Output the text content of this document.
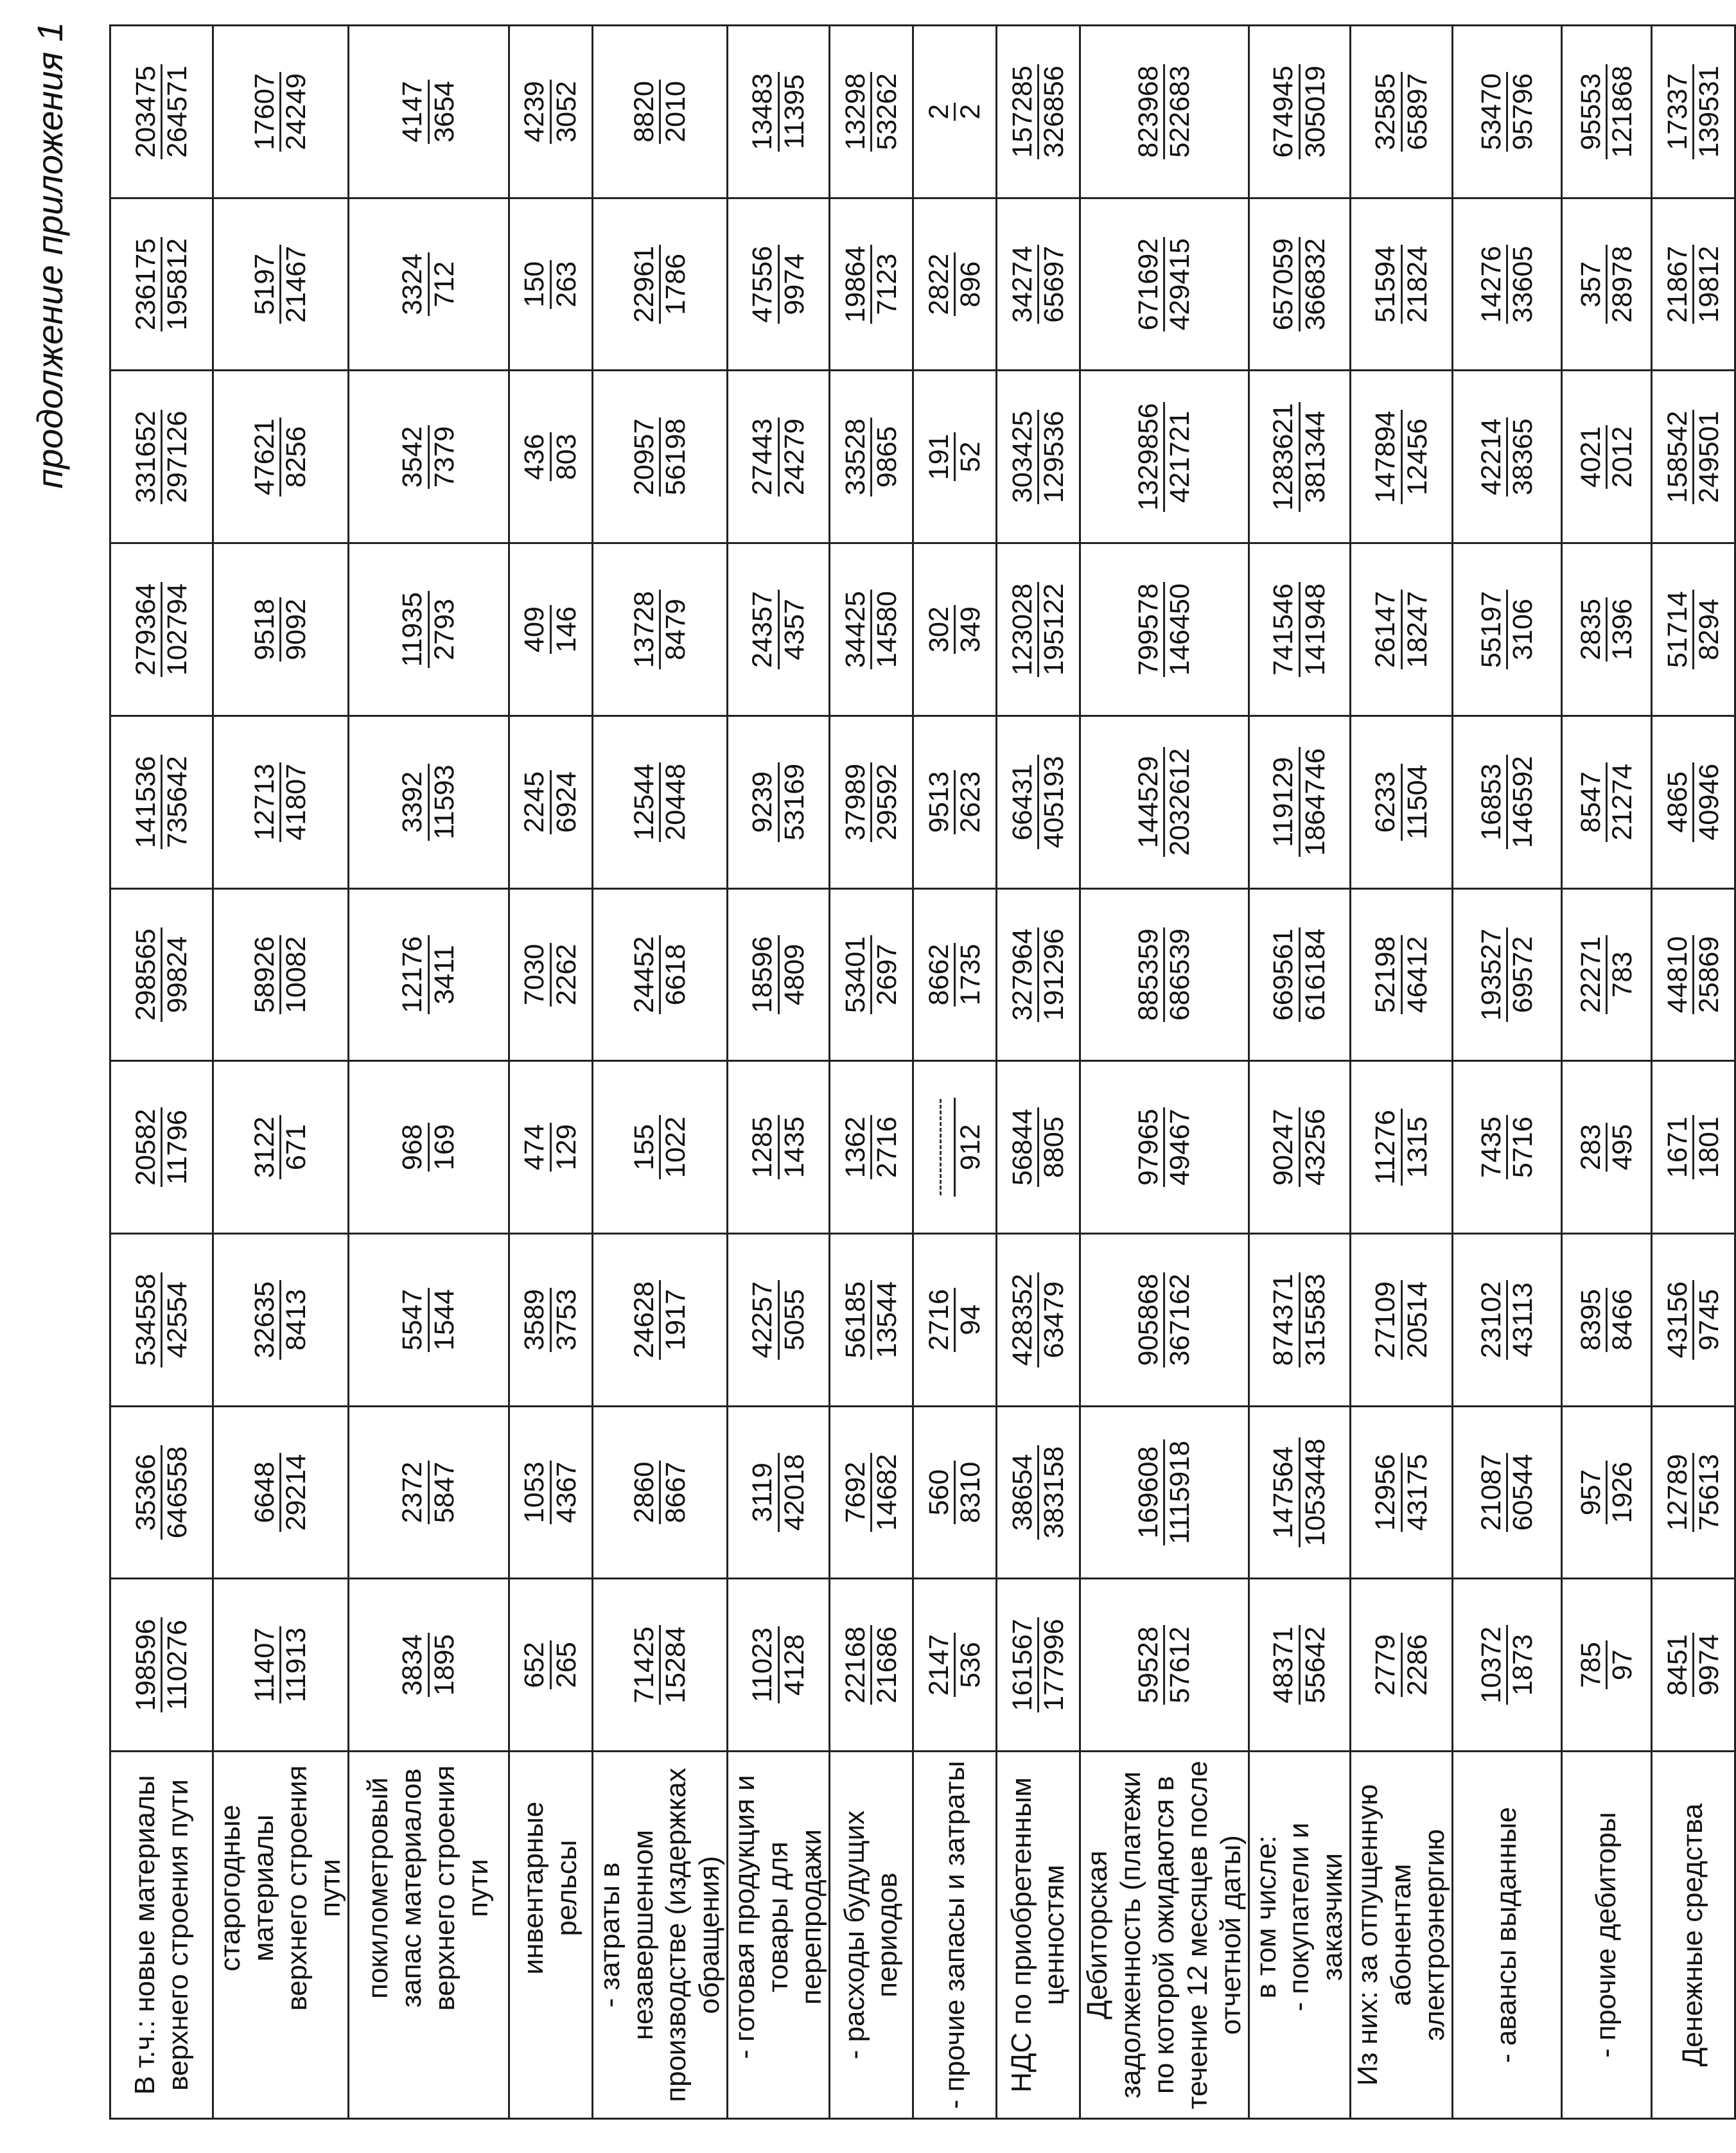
продолжение приложения 1
В т.ч.: новые материалы верхнего строения пути	198596 110276	35366 646558	534558 42554	20582 11796	298565 99824	141536 735642	279364 102794	331652 297126	236175 195812	203475 264571

старогодные материалы верхнего строения пути	11407 11913	6648 29214	32635 8413	3122 671	58926 10082	12713 41807	9518 9092	47621 8256	5197 21467	17607 24249

покилометровый запас материалов верхнего строения пути	3834 1895	2372 5847	5547 1544	968 169	12176 3411	3392 11593	11935 2793	3542 7379	3324 712	4147 3654

инвентарные рельсы	652 265	1053 4367	3589 3753	474 129	7030 2262	2245 6924	409 146	436 803	150 263	4239 3052

- затраты в незавершенном производстве (издержках обращения)	71425 15284	2860 8667	24628 1917	155 1022	24452 6618	12544 20448	13728 8479	20957 56198	22961 1786	8820 2010

- готовая продукция и товары для перепродажи	11023 4128	3119 42018	42257 5055	1285 1435	18596 4809	9239 53169	24357 4357	27443 24279	47556 9974	13483 11395

- расходы будущих периодов	22168 21686	7692 14682	56185 13544	1362 2716	53401 2697	37989 29592	34425 14580	33528 9865	19864 7123	13298 53262

- прочие запасы и затраты	2147 536	560 8310	2716 94	912	8662 1735	9513 2623	302 349	191 52	2822 896	2 2

НДС по приобретенным ценностям	161567 177996	38654 383158	428352 63479	56844 8805	327964 191296	66431 405193	123028 195122	303425 129536	34274 65697	157285 326856

Дебиторская задолженность (платежи по которой ожидаются в течение 12 месяцев после отчетной даты)	59528 57612	169608 1115918	905868 367162	97965 49467	885359 686539	144529 2032612	799578 146450	1329856 421721	671692 429415	823968 522683

в том числе:
- покупатели и заказчики	48371 55642	147564 1053448	874371 315583	90247 43256	669561 616184	119129 1864746	741546 141948	1283621 381344	657059 366832	674945 305019

Из них: за отпущенную абонентам электроэнергию	2779 2286	12956 43175	27109 20514	11276 1315	52198 46412	6233 11504	26147 18247	147894 12456	51594 21824	32585 65897

- авансы выданные	10372 1873	21087 60544	23102 43113	7435 5716	193527 69572	16853 146592	55197 3106	42214 38365	14276 33605	53470 95796

- прочие дебиторы	785 97	957 1926	8395 8466	283 495	22271 783	8547 21274	2835 1396	4021 2012	357 28978	95553 121868

Денежные средства	8451 9974	12789 75613	43156 9745	1671 1801	44810 25869	4865 40946	51714 8294	158542 249501	21867 19812	17337 139531
